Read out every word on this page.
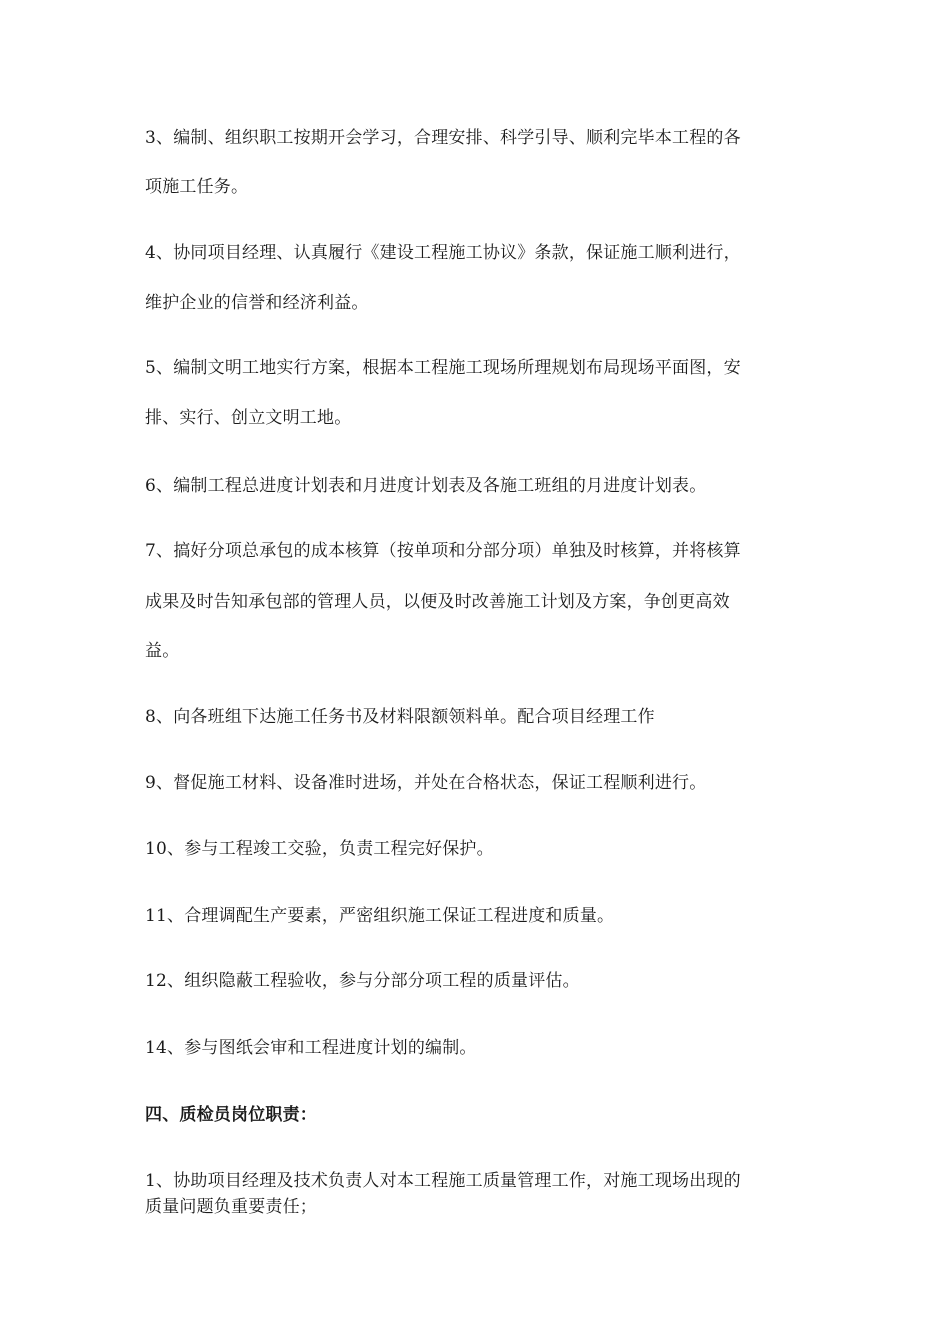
3、编制、组织职工按期开会学习，合理安排、科学引导、顺利完毕本工程的各
项施工任务。
4、协同项目经理、认真履行《建设工程施工协议》条款，保证施工顺利进行，
维护企业的信誉和经济利益。
5、编制文明工地实行方案，根据本工程施工现场所理规划布局现场平面图，安
排、实行、创立文明工地。
6、编制工程总进度计划表和月进度计划表及各施工班组的月进度计划表。
7、搞好分项总承包的成本核算（按单项和分部分项）单独及时核算，并将核算
成果及时告知承包部的管理人员，以便及时改善施工计划及方案，争创更高效
益。
8、向各班组下达施工任务书及材料限额领料单。配合项目经理工作
9、督促施工材料、设备准时进场，并处在合格状态，保证工程顺利进行。
10、参与工程竣工交验，负责工程完好保护。
11、合理调配生产要素，严密组织施工保证工程进度和质量。
12、组织隐蔽工程验收，参与分部分项工程的质量评估。
14、参与图纸会审和工程进度计划的编制。
四、质检员岗位职责：
1、协助项目经理及技术负责人对本工程施工质量管理工作，对施工现场出现的
质量问题负重要责任；
